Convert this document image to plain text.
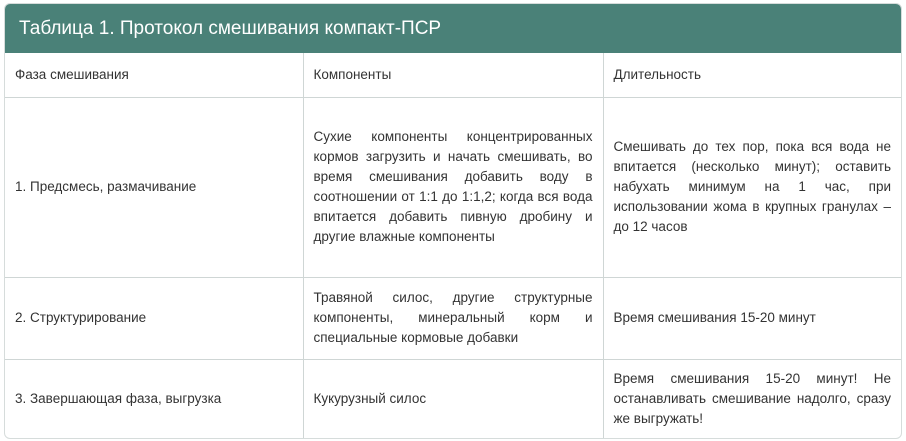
Таблица 1. Протокол смешивания компакт-ПСР
Фаза смешивания	Компоненты	Длительность
1. Предсмесь, размачивание	Сухие компоненты концентрированных кормов загрузить и начать смешивать, во время смешивания добавить воду в соотношении от 1:1 до 1:1,2; когда вся вода впитается добавить пивную дробину и другие влажные компоненты	Смешивать до тех пор, пока вся вода не впитается (несколько минут); оставить набухать минимум на 1 час, при использовании жома в крупных гранулах – до 12 часов
2. Структурирование	Травяной силос, другие структурные компоненты, минеральный корм и специальные кормовые добавки	Время смешивания 15-20 минут
3. Завершающая фаза, выгрузка	Кукурузный силос	Время смешивания 15-20 минут! Не останавливать смешивание надолго, сразу же выгружать!
